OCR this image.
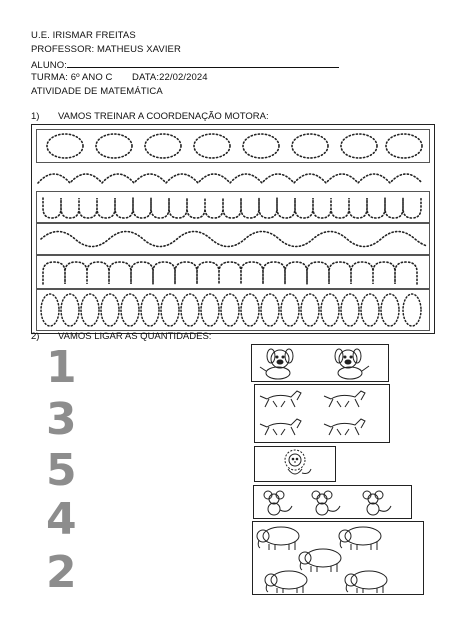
U.E. IRISMAR FREITAS
PROFESSOR: MATHEUS XAVIER
ALUNO:
TURMA: 6º ANO C DATA:22/02/2024
ATIVIDADE DE MATEMÁTICA
1) VAMOS TREINAR A COORDENAÇÃO MOTORA:
2) VAMOS LIGAR AS QUANTIDADES:
1
3
5
4
2
